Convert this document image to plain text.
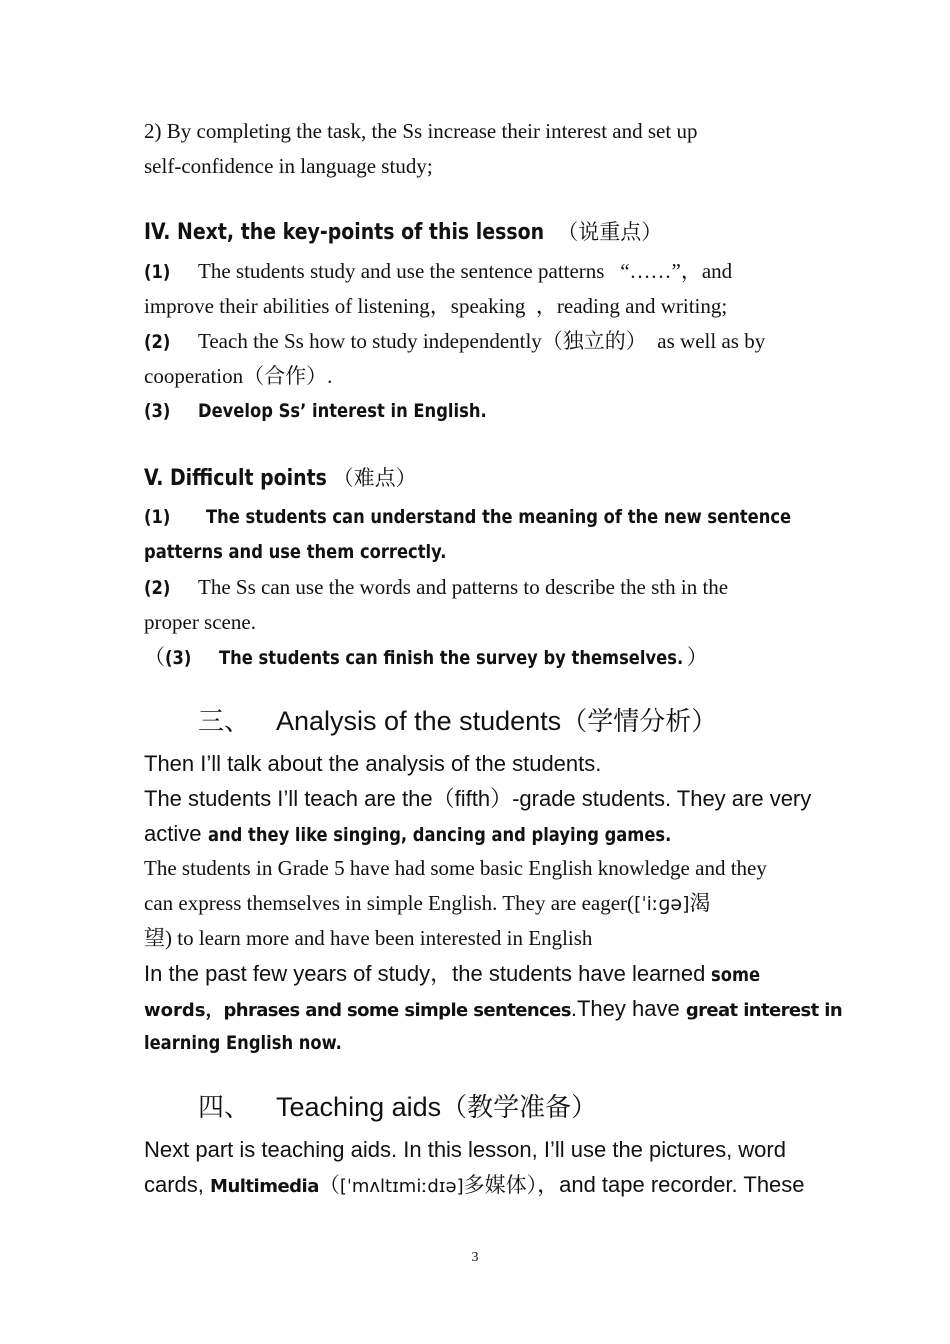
2) By completing the task, the Ss increase their interest and set up
self-confidence in language study;
IV. Next, the key-points of this lesson （说重点）
(1) The students study and use the sentence patterns   “……”，and
improve their abilities of listening，speaking  ，reading and writing;
(2) Teach the Ss how to study independently（独立的）  as well as by
cooperation（合作）.
(3) Develop Ss’ interest in English.
V. Difficult points （难点）
(1) The students can understand the meaning of the new sentence
patterns and use them correctly.
(2) The Ss can use the words and patterns to describe the sth in the
proper scene.
（(3) The students can finish the survey by themselves. ）
三、 Analysis of the students（学情分析）
Then I’ll talk about the analysis of the students.
The students I’ll teach are the（fifth）-grade students. They are very
active and they like singing, dancing and playing games.
The students in Grade 5 have had some basic English knowledge and they
can express themselves in simple English. They are eager([ˈiːɡə]渴
望) to learn more and have been interested in English
In the past few years of study，the students have learned some
words，phrases and some simple sentences.They have great interest in
learning English now.
四、 Teaching aids（教学准备）
Next part is teaching aids. In this lesson, I’ll use the pictures, word
cards, Multimedia（[ˈmʌltɪmiːdɪə]多媒体），and tape recorder. These
3
